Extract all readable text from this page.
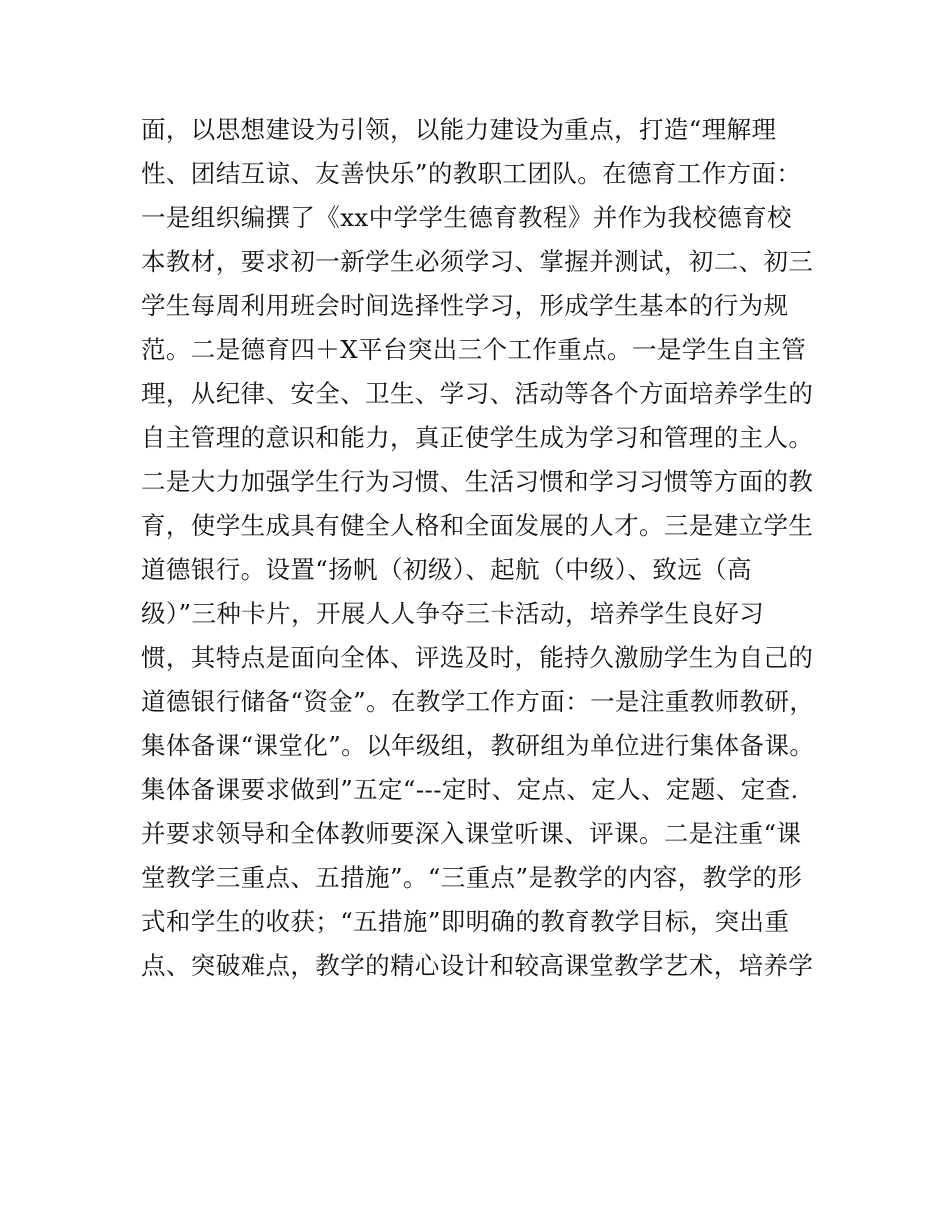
面，以思想建设为引领，以能力建设为重点，打造“理解理
性、团结互谅、友善快乐”的教职工团队。在德育工作方面：
一是组织编撰了《xx中学学生德育教程》并作为我校德育校
本教材，要求初一新学生必须学习、掌握并测试，初二、初三
学生每周利用班会时间选择性学习，形成学生基本的行为规
范。二是德育四＋X平台突出三个工作重点。一是学生自主管
理，从纪律、安全、卫生、学习、活动等各个方面培养学生的
自主管理的意识和能力，真正使学生成为学习和管理的主人。
二是大力加强学生行为习惯、生活习惯和学习习惯等方面的教
育，使学生成具有健全人格和全面发展的人才。三是建立学生
道德银行。设置“扬帆（初级）、起航（中级）、致远（高
级）”三种卡片，开展人人争夺三卡活动，培养学生良好习
惯，其特点是面向全体、评选及时，能持久激励学生为自己的
道德银行储备“资金”。在教学工作方面：一是注重教师教研，
集体备课“课堂化”。以年级组，教研组为单位进行集体备课。
集体备课要求做到”五定“---定时、定点、定人、定题、定查.
并要求领导和全体教师要深入课堂听课、评课。二是注重“课
堂教学三重点、五措施”。“三重点”是教学的内容，教学的形
式和学生的收获；“五措施”即明确的教育教学目标，突出重
点、突破难点，教学的精心设计和较高课堂教学艺术，培养学
